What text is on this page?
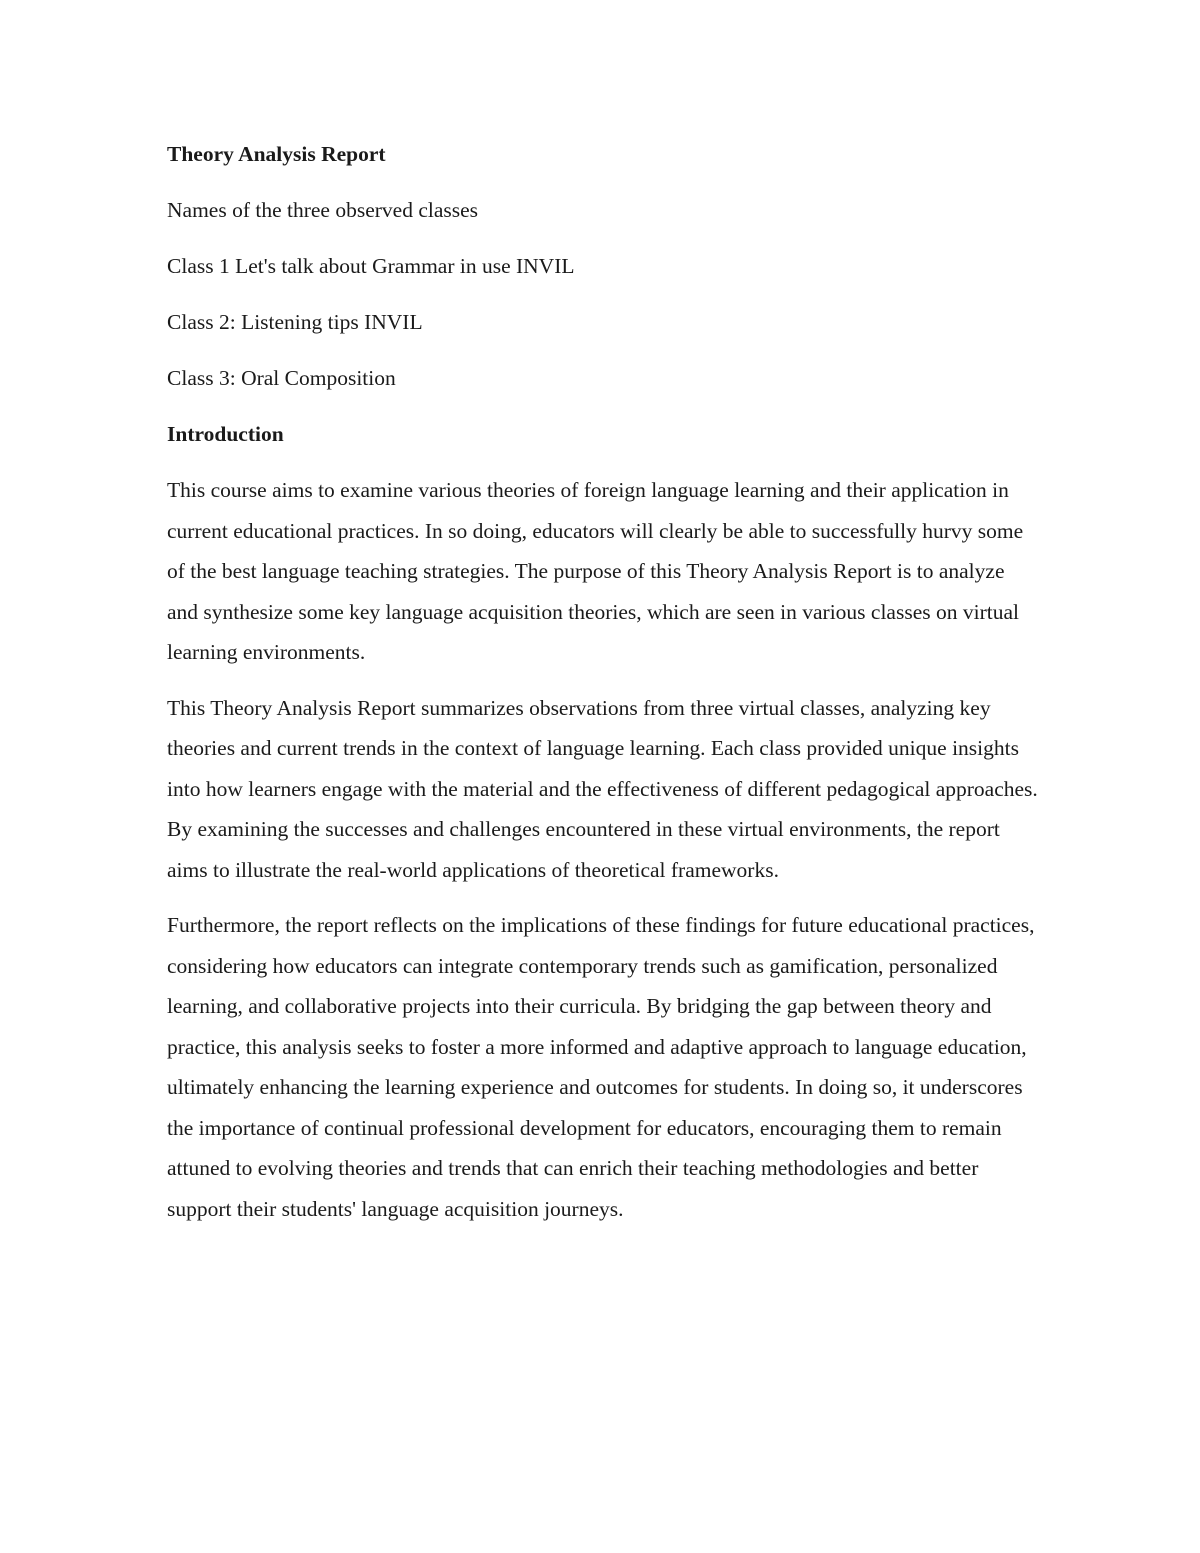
Theory Analysis Report
Names of the three observed classes
Class 1 Let's talk about Grammar in use INVIL
Class 2: Listening tips INVIL
Class 3: Oral Composition
Introduction

This course aims to examine various theories of foreign language learning and their application in current educational practices. In so doing, educators will clearly be able to successfully hurvy some of the best language teaching strategies. The purpose of this Theory Analysis Report is to analyze and synthesize some key language acquisition theories, which are seen in various classes on virtual learning environments.

This Theory Analysis Report summarizes observations from three virtual classes, analyzing key theories and current trends in the context of language learning. Each class provided unique insights into how learners engage with the material and the effectiveness of different pedagogical approaches. By examining the successes and challenges encountered in these virtual environments, the report aims to illustrate the real-world applications of theoretical frameworks.

Furthermore, the report reflects on the implications of these findings for future educational practices, considering how educators can integrate contemporary trends such as gamification, personalized learning, and collaborative projects into their curricula. By bridging the gap between theory and practice, this analysis seeks to foster a more informed and adaptive approach to language education, ultimately enhancing the learning experience and outcomes for students. In doing so, it underscores the importance of continual professional development for educators, encouraging them to remain attuned to evolving theories and trends that can enrich their teaching methodologies and better support their students' language acquisition journeys.
